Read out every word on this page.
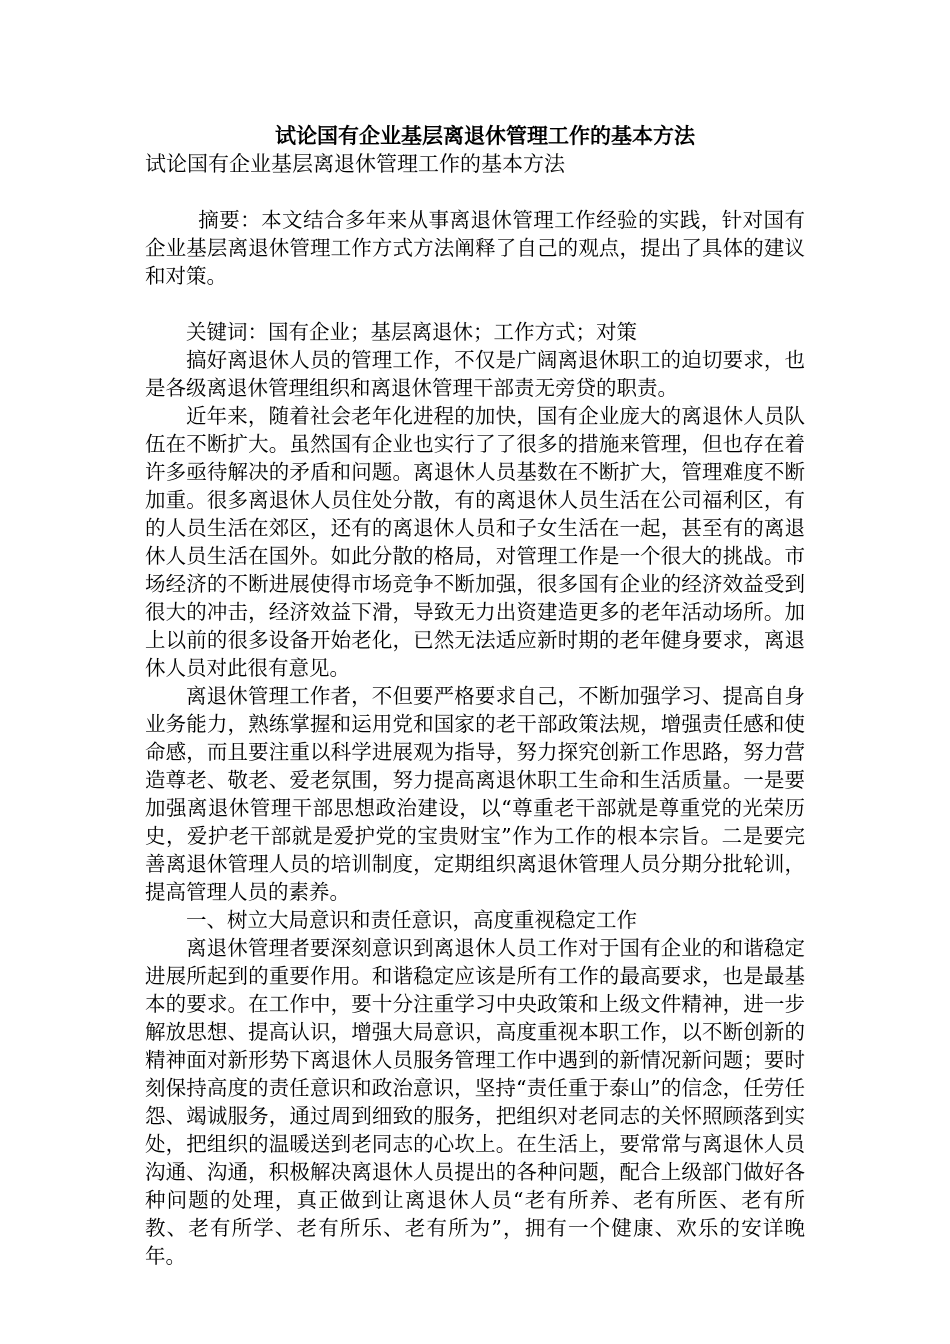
试论国有企业基层离退休管理工作的基本方法
试论国有企业基层离退休管理工作的基本方法

摘要：本文结合多年来从事离退休管理工作经验的实践，针对国有企业基层离退休管理工作方式方法阐释了自己的观点，提出了具体的建议和对策。

关键词：国有企业；基层离退休；工作方式；对策

搞好离退休人员的管理工作，不仅是广阔离退休职工的迫切要求，也是各级离退休管理组织和离退休管理干部责无旁贷的职责。

近年来，随着社会老年化进程的加快，国有企业庞大的离退休人员队伍在不断扩大。虽然国有企业也实行了了很多的措施来管理，但也存在着许多亟待解决的矛盾和问题。离退休人员基数在不断扩大，管理难度不断加重。很多离退休人员住处分散，有的离退休人员生活在公司福利区，有的人员生活在郊区，还有的离退休人员和子女生活在一起，甚至有的离退休人员生活在国外。如此分散的格局，对管理工作是一个很大的挑战。市场经济的不断进展使得市场竞争不断加强，很多国有企业的经济效益受到很大的冲击，经济效益下滑，导致无力出资建造更多的老年活动场所。加上以前的很多设备开始老化，已然无法适应新时期的老年健身要求，离退休人员对此很有意见。

离退休管理工作者，不但要严格要求自己，不断加强学习、提高自身业务能力，熟练掌握和运用党和国家的老干部政策法规，增强责任感和使命感，而且要注重以科学进展观为指导，努力探究创新工作思路，努力营造尊老、敬老、爱老氛围，努力提高离退休职工生命和生活质量。一是要加强离退休管理干部思想政治建设，以“尊重老干部就是尊重党的光荣历史，爱护老干部就是爱护党的宝贵财宝”作为工作的根本宗旨。二是要完善离退休管理人员的培训制度，定期组织离退休管理人员分期分批轮训，提高管理人员的素养。

一、树立大局意识和责任意识，高度重视稳定工作

离退休管理者要深刻意识到离退休人员工作对于国有企业的和谐稳定进展所起到的重要作用。和谐稳定应该是所有工作的最高要求，也是最基本的要求。在工作中，要十分注重学习中央政策和上级文件精神，进一步解放思想、提高认识，增强大局意识，高度重视本职工作，以不断创新的精神面对新形势下离退休人员服务管理工作中遇到的新情况新问题；要时刻保持高度的责任意识和政治意识，坚持“责任重于泰山”的信念，任劳任怨、竭诚服务，通过周到细致的服务，把组织对老同志的关怀照顾落到实处，把组织的温暖送到老同志的心坎上。在生活上，要常常与离退休人员沟通、沟通，积极解决离退休人员提出的各种问题，配合上级部门做好各种问题的处理，真正做到让离退休人员“老有所养、老有所医、老有所教、老有所学、老有所乐、老有所为”，拥有一个健康、欢乐的安详晚年。
